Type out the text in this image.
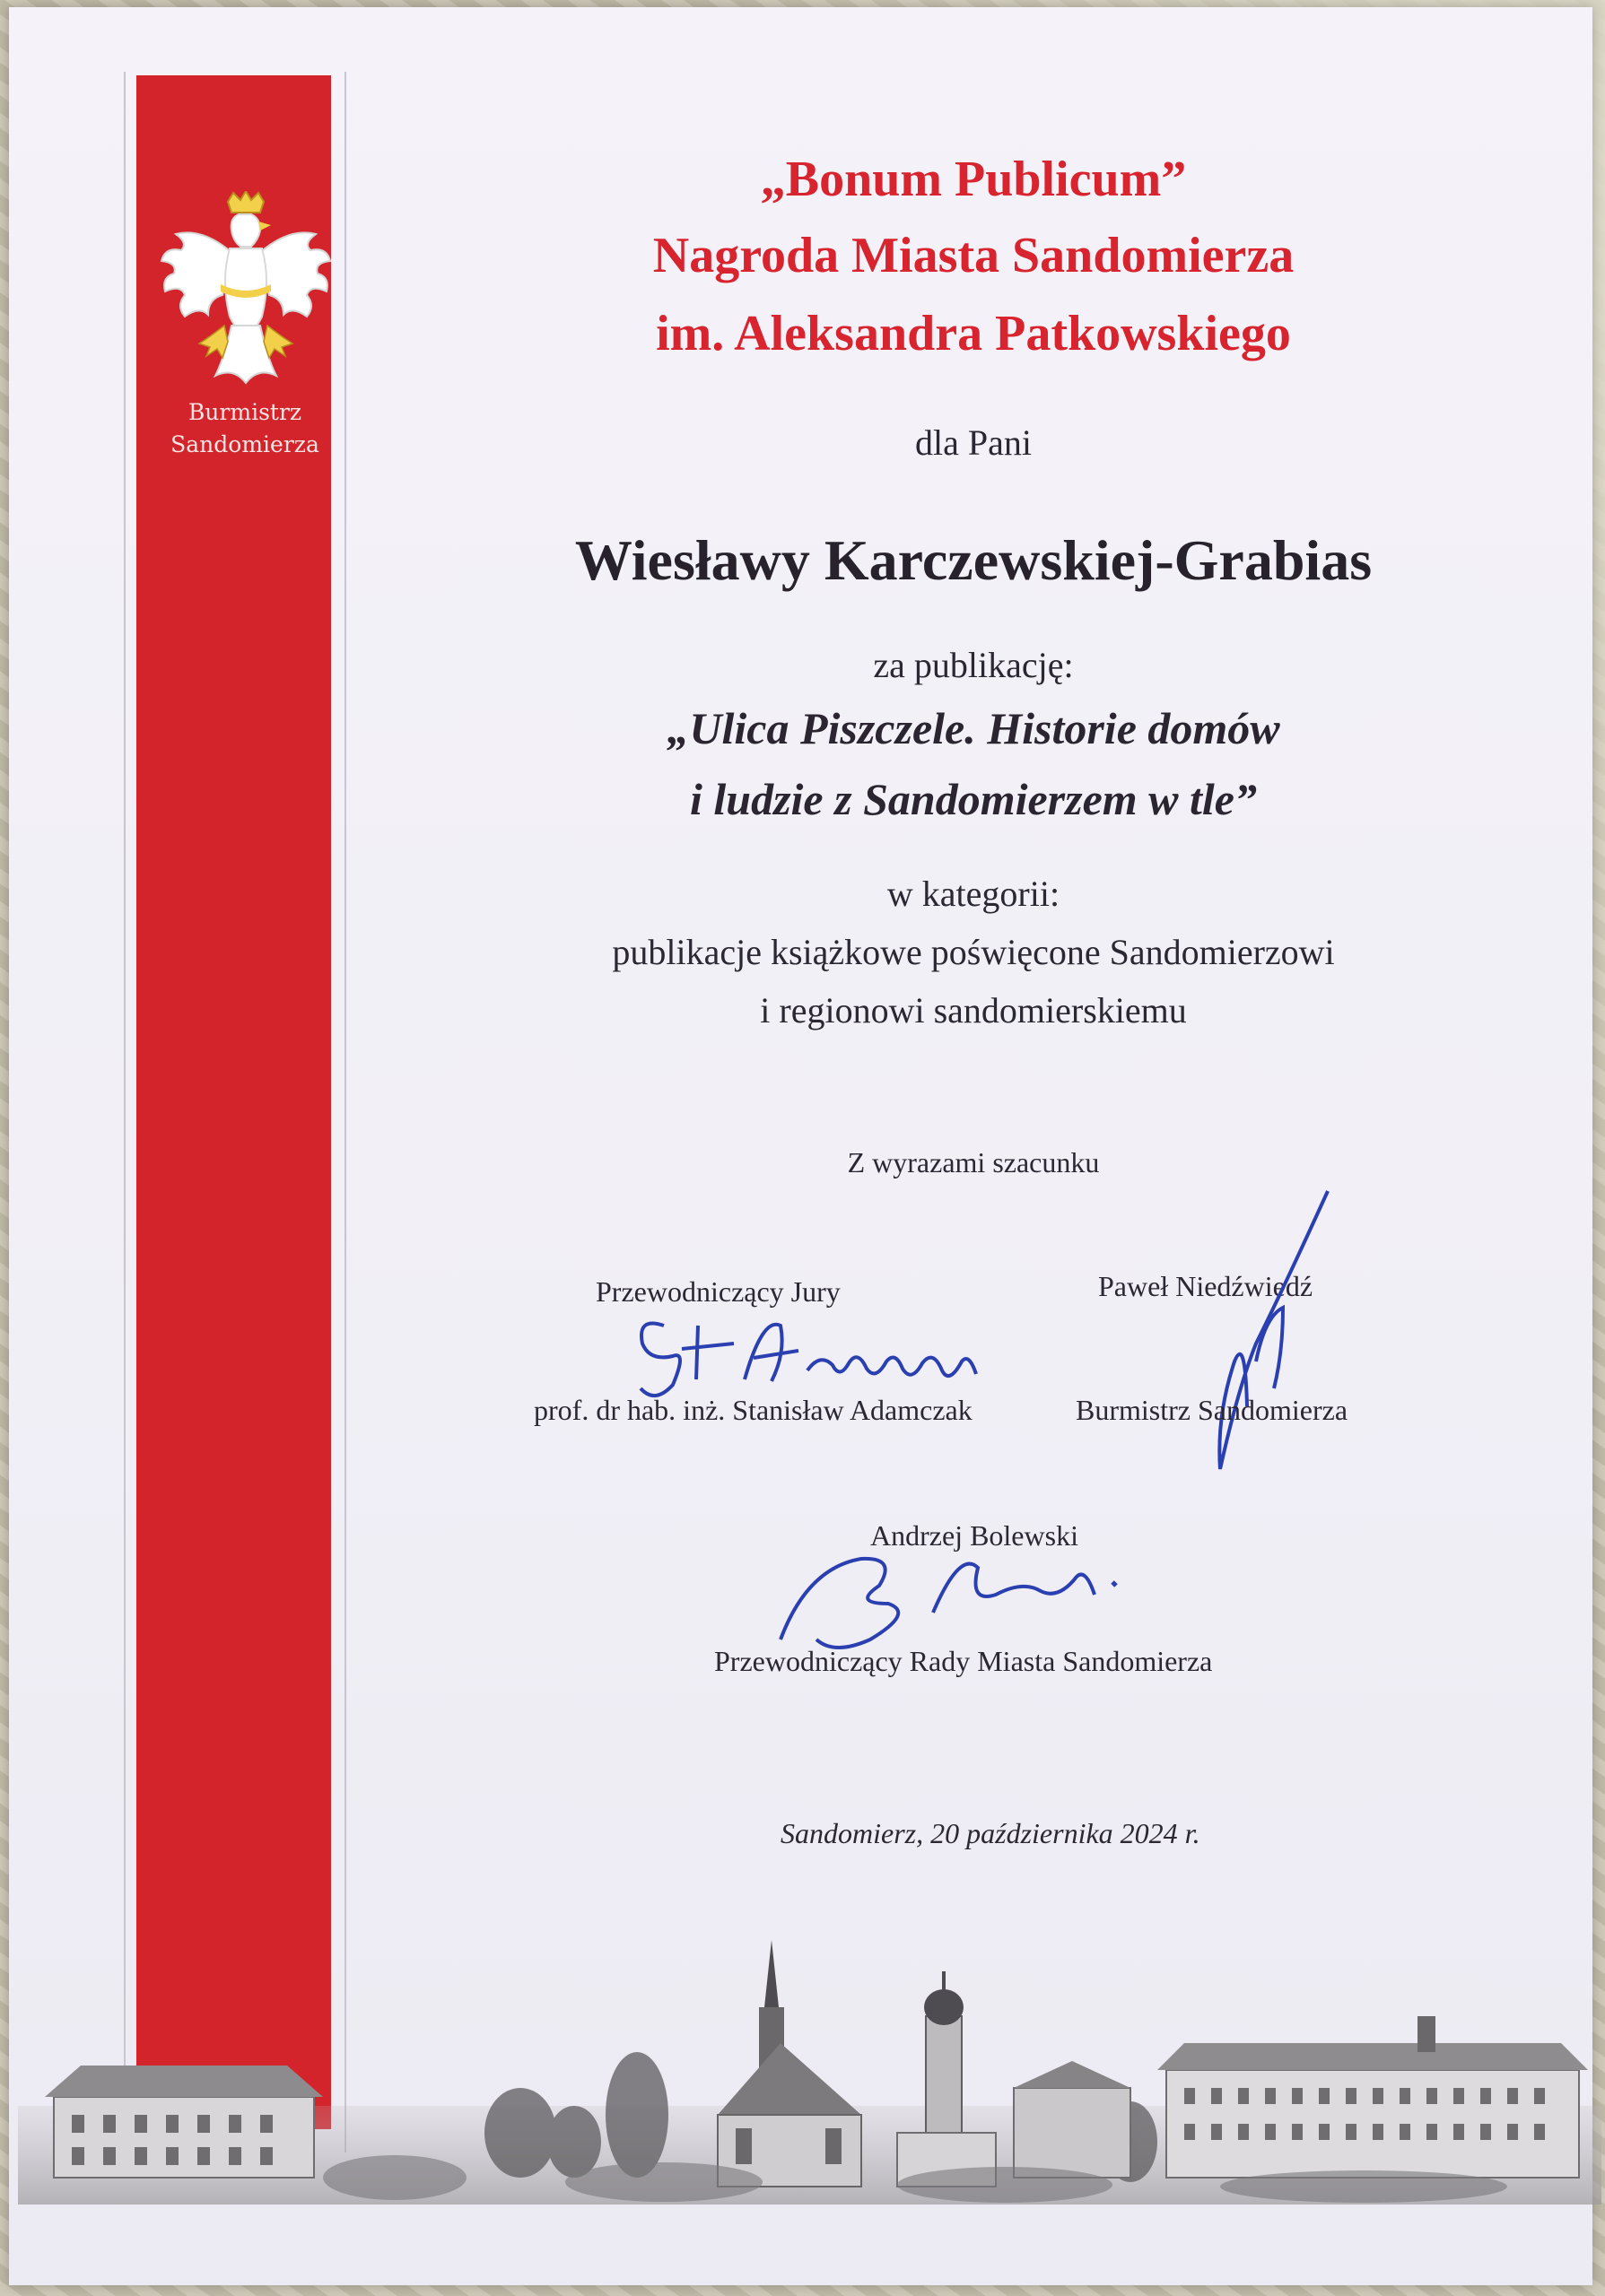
Burmistrz
Sandomierza
„Bonum Publicum”
Nagroda Miasta Sandomierza
im. Aleksandra Patkowskiego
dla Pani
Wiesławy Karczewskiej-Grabias
za publikację:
„Ulica Piszczele. Historie domów
i ludzie z Sandomierzem w tle”
w kategorii:
publikacje książkowe poświęcone Sandomierzowi
i regionowi sandomierskiemu
Z wyrazami szacunku
Przewodniczący Jury
prof. dr hab. inż. Stanisław Adamczak
Paweł Niedźwiedź
Burmistrz Sandomierza
Andrzej Bolewski
Przewodniczący Rady Miasta Sandomierza
Sandomierz, 20 października 2024 r.
